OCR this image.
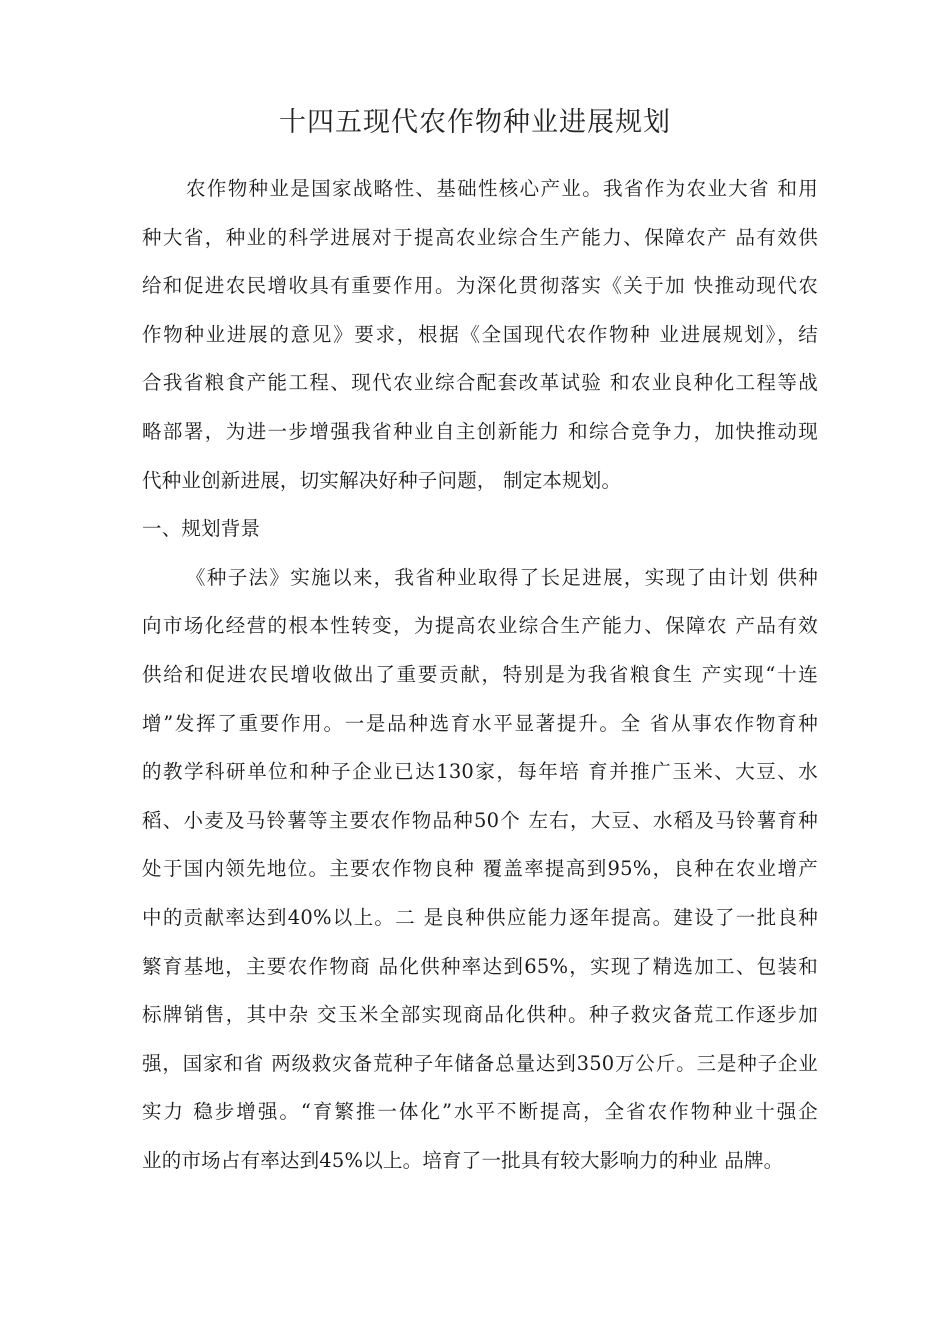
十四五现代农作物种业进展规划
农作物种业是国家战略性、基础性核心产业。我省作为农业大省 和用
种大省，种业的科学进展对于提高农业综合生产能力、保障农产 品有效供
给和促进农民增收具有重要作用。为深化贯彻落实《关于加 快推动现代农
作物种业进展的意见》要求，根据《全国现代农作物种 业进展规划》，结
合我省粮食产能工程、现代农业综合配套改革试验 和农业良种化工程等战
略部署，为进一步增强我省种业自主创新能力 和综合竞争力，加快推动现
代种业创新进展，切实解决好种子问题， 制定本规划。
一、规划背景
《种子法》实施以来，我省种业取得了长足进展，实现了由计划 供种
向市场化经营的根本性转变，为提高农业综合生产能力、保障农 产品有效
供给和促进农民增收做出了重要贡献，特别是为我省粮食生 产实现“十连
增”发挥了重要作用。一是品种选育水平显著提升。全 省从事农作物育种
的教学科研单位和种子企业已达130家，每年培 育并推广玉米、大豆、水
稻、小麦及马铃薯等主要农作物品种50个 左右，大豆、水稻及马铃薯育种
处于国内领先地位。主要农作物良种 覆盖率提高到95%，良种在农业增产
中的贡献率达到40%以上。二 是良种供应能力逐年提高。建设了一批良种
繁育基地，主要农作物商 品化供种率达到65%，实现了精选加工、包装和
标牌销售，其中杂 交玉米全部实现商品化供种。种子救灾备荒工作逐步加
强，国家和省 两级救灾备荒种子年储备总量达到350万公斤。三是种子企业
实力 稳步增强。“育繁推一体化”水平不断提高，全省农作物种业十强企
业的市场占有率达到45%以上。培育了一批具有较大影响力的种业 品牌。
